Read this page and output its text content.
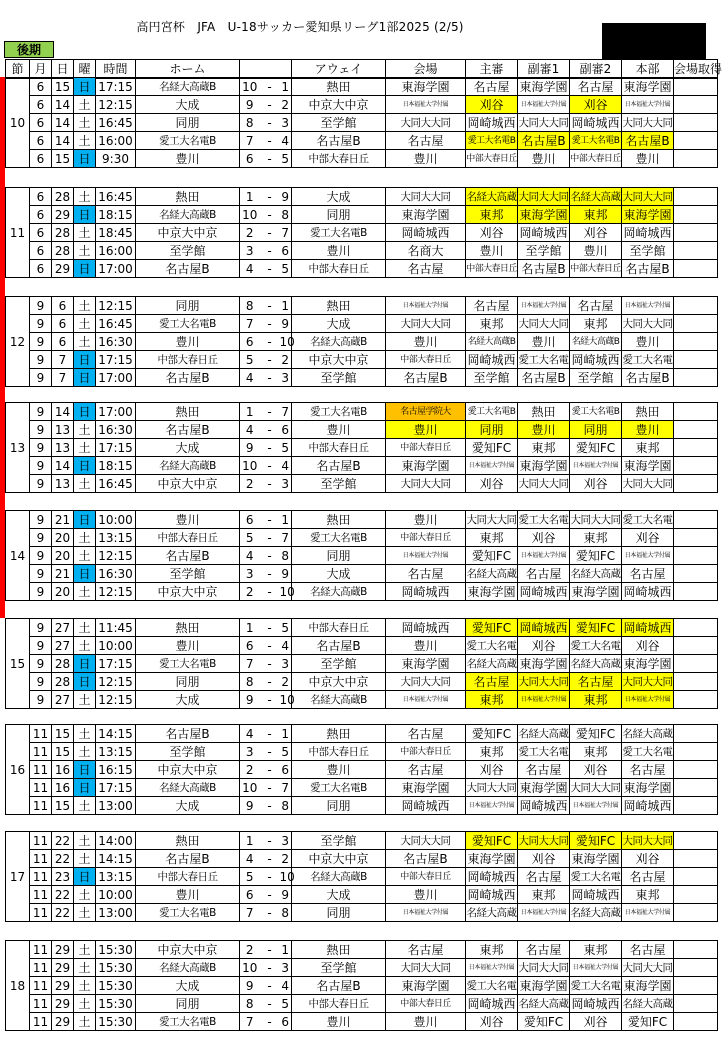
高円宮杯　JFA　U-18サッカー愛知県リーグ1部2025 (2/5)
後期
節	月	日	曜	時間	ホーム				アウェイ	会場	主審	副審1	副審2	本部	会場取得
10	6	15	日	17:15	名経大高蔵B	10	-	1	熱田	東海学園	名古屋	東海学園	名古屋	東海学園	
	6	14	土	12:15	大成	9	-	2	中京大中京	日本福祉大学付属	刈谷	日本福祉大学付属	刈谷	日本福祉大学付属	
	6	14	土	16:45	同朋	8	-	3	至学館	大同大大同	岡崎城西	大同大大同	岡崎城西	大同大大同	
	6	14	土	16:00	愛工大名電B	7	-	4	名古屋B	名古屋	愛工大名電B	名古屋B	愛工大名電B	名古屋B	
	6	15	日	9:30	豊川	6	-	5	中部大春日丘	豊川	中部大春日丘	豊川	中部大春日丘	豊川	
11	6	28	土	16:45	熱田	1	-	9	大成	大同大大同	名経大高蔵	大同大大同	名経大高蔵	大同大大同	
	6	29	日	18:15	名経大高蔵B	10	-	8	同朋	東海学園	東邦	東海学園	東邦	東海学園	
	6	28	土	18:45	中京大中京	2	-	7	愛工大名電B	岡崎城西	刈谷	岡崎城西	刈谷	岡崎城西	
	6	28	土	16:00	至学館	3	-	6	豊川	名商大	豊川	至学館	豊川	至学館	
	6	29	日	17:00	名古屋B	4	-	5	中部大春日丘	名古屋	中部大春日丘	名古屋B	中部大春日丘	名古屋B	
12	9	6	土	12:15	同朋	8	-	1	熱田	日本福祉大学付属	名古屋	日本福祉大学付属	名古屋	日本福祉大学付属	
	9	6	土	16:45	愛工大名電B	7	-	9	大成	大同大大同	東邦	大同大大同	東邦	大同大大同	
	9	6	土	16:30	豊川	6	-	10	名経大高蔵B	豊川	名経大高蔵B	豊川	名経大高蔵B	豊川	
	9	7	日	17:15	中部大春日丘	5	-	2	中京大中京	中部大春日丘	岡崎城西	愛工大名電	岡崎城西	愛工大名電	
	9	7	日	17:00	名古屋B	4	-	3	至学館	名古屋B	至学館	名古屋B	至学館	名古屋B	
13	9	14	日	17:00	熱田	1	-	7	愛工大名電B	名古屋学院大	愛工大名電B	熱田	愛工大名電B	熱田	
	9	13	土	16:30	名古屋B	4	-	6	豊川	豊川	同朋	豊川	同朋	豊川	
	9	13	土	17:15	大成	9	-	5	中部大春日丘	中部大春日丘	愛知FC	東邦	愛知FC	東邦	
	9	14	日	18:15	名経大高蔵B	10	-	4	名古屋B	東海学園	日本福祉大学付属	東海学園	日本福祉大学付属	東海学園	
	9	13	土	16:45	中京大中京	2	-	3	至学館	大同大大同	刈谷	大同大大同	刈谷	大同大大同	
14	9	21	日	10:00	豊川	6	-	1	熱田	豊川	大同大大同	愛工大名電	大同大大同	愛工大名電	
	9	20	土	13:15	中部大春日丘	5	-	7	愛工大名電B	中部大春日丘	東邦	刈谷	東邦	刈谷	
	9	20	土	12:15	名古屋B	4	-	8	同朋	日本福祉大学付属	愛知FC	日本福祉大学付属	愛知FC	日本福祉大学付属	
	9	21	日	16:30	至学館	3	-	9	大成	名古屋	名経大高蔵	名古屋	名経大高蔵	名古屋	
	9	20	土	12:15	中京大中京	2	-	10	名経大高蔵B	岡崎城西	東海学園	岡崎城西	東海学園	岡崎城西	
15	9	27	土	11:45	熱田	1	-	5	中部大春日丘	岡崎城西	愛知FC	岡崎城西	愛知FC	岡崎城西	
	9	27	土	10:00	豊川	6	-	4	名古屋B	豊川	愛工大名電	刈谷	愛工大名電	刈谷	
	9	28	日	17:15	愛工大名電B	7	-	3	至学館	東海学園	名経大高蔵	東海学園	名経大高蔵	東海学園	
	9	28	日	12:15	同朋	8	-	2	中京大中京	大同大大同	名古屋	大同大大同	名古屋	大同大大同	
	9	27	土	12:15	大成	9	-	10	名経大高蔵B	日本福祉大学付属	東邦	日本福祉大学付属	東邦	日本福祉大学付属	
16	11	15	土	14:15	名古屋B	4	-	1	熱田	名古屋	愛知FC	名経大高蔵	愛知FC	名経大高蔵	
	11	15	土	13:15	至学館	3	-	5	中部大春日丘	中部大春日丘	東邦	愛工大名電	東邦	愛工大名電	
	11	16	日	16:15	中京大中京	2	-	6	豊川	名古屋	刈谷	名古屋	刈谷	名古屋	
	11	16	日	17:15	名経大高蔵B	10	-	7	愛工大名電B	東海学園	大同大大同	東海学園	大同大大同	東海学園	
	11	15	土	13:00	大成	9	-	8	同朋	岡崎城西	日本福祉大学付属	岡崎城西	日本福祉大学付属	岡崎城西	
17	11	22	土	14:00	熱田	1	-	3	至学館	大同大大同	愛知FC	大同大大同	愛知FC	大同大大同	
	11	22	土	14:15	名古屋B	4	-	2	中京大中京	名古屋B	東海学園	刈谷	東海学園	刈谷	
	11	23	日	13:15	中部大春日丘	5	-	10	名経大高蔵B	中部大春日丘	岡崎城西	名古屋	愛工大名電	名古屋	
	11	22	土	10:00	豊川	6	-	9	大成	豊川	岡崎城西	東邦	岡崎城西	東邦	
	11	22	土	13:00	愛工大名電B	7	-	8	同朋	日本福祉大学付属	名経大高蔵	日本福祉大学付属	名経大高蔵	日本福祉大学付属	
18	11	29	土	15:30	中京大中京	2	-	1	熱田	名古屋	東邦	名古屋	東邦	名古屋	
	11	29	土	15:30	名経大高蔵B	10	-	3	至学館	大同大大同	日本福祉大学付属	大同大大同	日本福祉大学付属	大同大大同	
	11	29	土	15:30	大成	9	-	4	名古屋B	東海学園	愛工大名電	東海学園	愛工大名電	東海学園	
	11	29	土	15:30	同朋	8	-	5	中部大春日丘	中部大春日丘	岡崎城西	名経大高蔵	岡崎城西	名経大高蔵	
	11	29	土	15:30	愛工大名電B	7	-	6	豊川	豊川	刈谷	愛知FC	刈谷	愛知FC	
